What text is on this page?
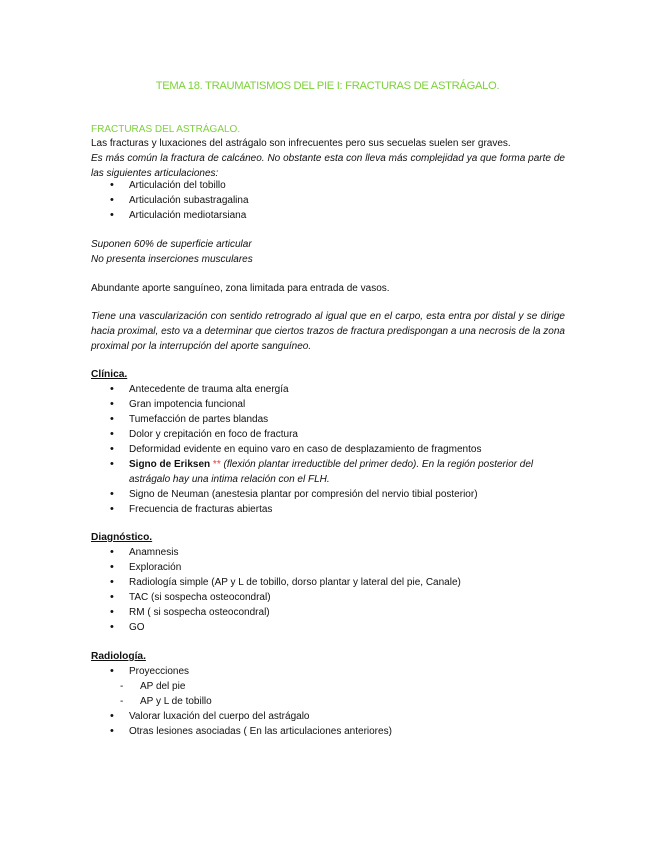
TEMA 18. TRAUMATISMOS DEL PIE I: FRACTURAS DE ASTRÁGALO.
FRACTURAS DEL ASTRÁGALO.
Las fracturas y luxaciones del astrágalo son infrecuentes pero sus secuelas suelen ser graves.
Es más común la fractura de calcáneo. No obstante esta con lleva más complejidad ya que forma parte de las siguientes articulaciones:
• Articulación del tobillo
• Articulación subastragalina
• Articulación mediotarsiana
Suponen 60% de superficie articular
No presenta inserciones musculares
Abundante aporte sanguíneo, zona limitada para entrada de vasos.
Tiene una vascularización con sentido retrogrado al igual que en el carpo, esta entra por distal y se dirige hacia proximal, esto va a determinar que ciertos trazos de fractura predispongan a una necrosis de la zona proximal por la interrupción del aporte sanguíneo.
Clínica.
• Antecedente de trauma alta energía
• Gran impotencia funcional
• Tumefacción de partes blandas
• Dolor y crepitación en foco de fractura
• Deformidad evidente en equino varo en caso de desplazamiento de fragmentos
• Signo de Eriksen ** (flexión plantar irreductible del primer dedo). En la región posterior del astrágalo hay una intima relación con el FLH.
• Signo de Neuman (anestesia plantar por compresión del nervio tibial posterior)
• Frecuencia de fracturas abiertas
Diagnóstico.
• Anamnesis
• Exploración
• Radiología simple (AP y L de tobillo, dorso plantar y lateral del pie, Canale)
• TAC (si sospecha osteocondral)
• RM ( si sospecha osteocondral)
• GO
Radiología.
• Proyecciones
- AP del pie
- AP y L de tobillo
• Valorar luxación del cuerpo del astrágalo
• Otras lesiones asociadas ( En las articulaciones anteriores)
